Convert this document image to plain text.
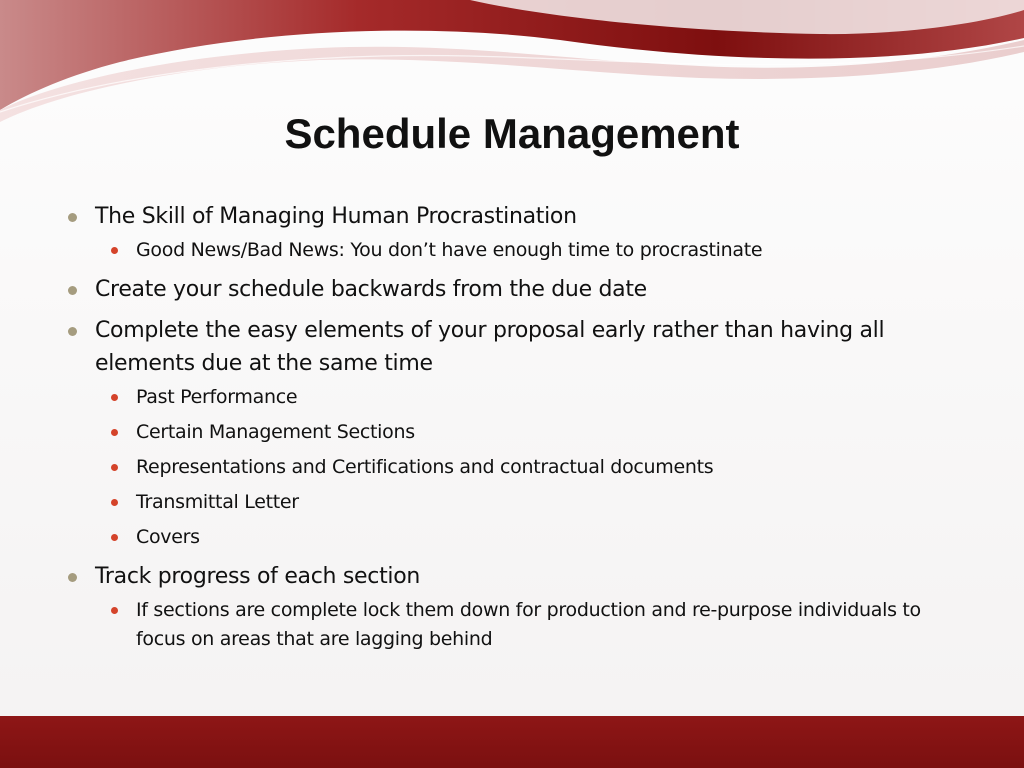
Schedule Management
The Skill of Managing Human Procrastination
Good News/Bad News: You don’t have enough time to procrastinate
Create your schedule backwards from the due date
Complete the easy elements of your proposal early rather than having all elements due at the same time
Past Performance
Certain Management Sections
Representations and Certifications and contractual documents
Transmittal Letter
Covers
Track progress of each section
If sections are complete lock them down for production and re-purpose individuals to focus on areas that are lagging behind
